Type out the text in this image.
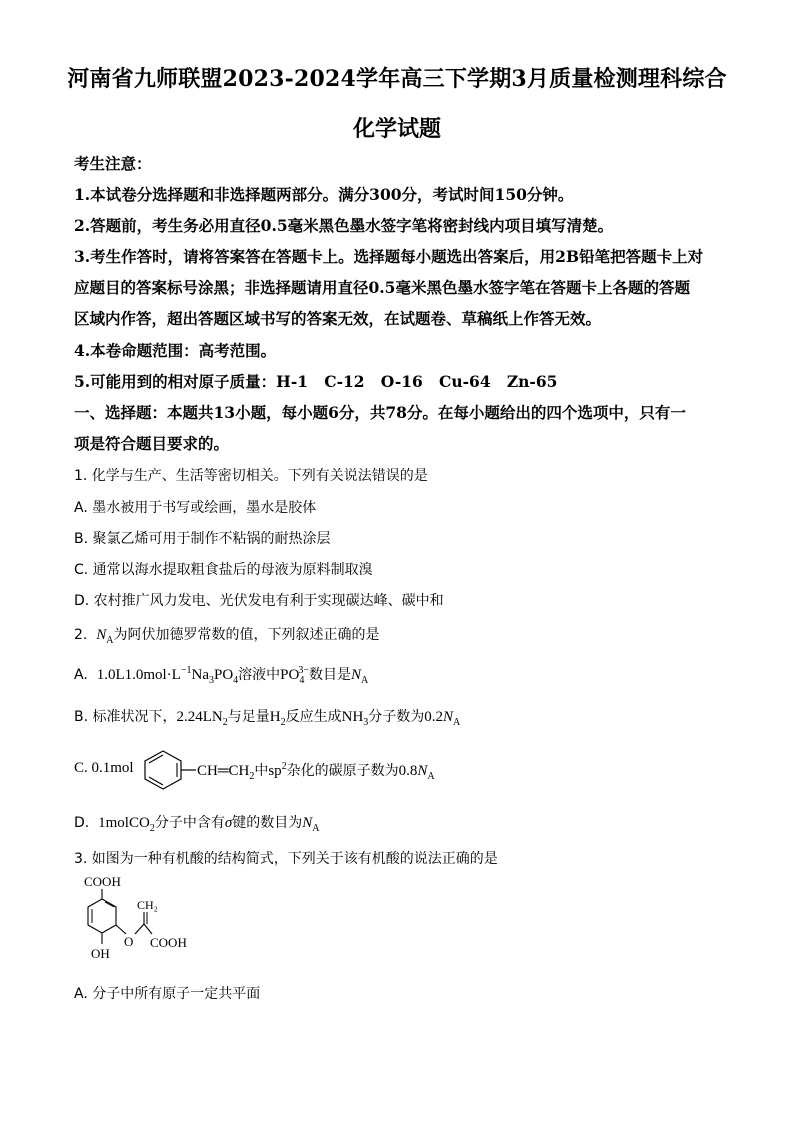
河南省九师联盟2023-2024学年高三下学期3月质量检测理科综合
化学试题
考生注意：
1.本试卷分选择题和非选择题两部分。满分300分，考试时间150分钟。
2.答题前，考生务必用直径0.5毫米黑色墨水签字笔将密封线内项目填写清楚。
3.考生作答时，请将答案答在答题卡上。选择题每小题选出答案后，用2B铅笔把答题卡上对
应题目的答案标号涂黑；非选择题请用直径0.5毫米黑色墨水签字笔在答题卡上各题的答题
区域内作答，超出答题区域书写的答案无效，在试题卷、草稿纸上作答无效。
4.本卷命题范围：高考范围。
5.可能用到的相对原子质量：H-1   C-12   O-16   Cu-64   Zn-65
一、选择题：本题共13小题，每小题6分，共78分。在每小题给出的四个选项中，只有一
项是符合题目要求的。
1. 化学与生产、生活等密切相关。下列有关说法错误的是
A. 墨水被用于书写或绘画，墨水是胶体
B. 聚氯乙烯可用于制作不粘锅的耐热涂层
C. 通常以海水提取粗食盐后的母液为原料制取溴
D. 农村推广风力发电、光伏发电有利于实现碳达峰、碳中和
2.  $N_A$为阿伏加德罗常数的值，下列叙述正确的是
A. $1.0L1.0mol\cdot L^{-1}Na_3PO_4$溶液中$PO_4^{3-}$数目是$N_A$
B. 标准状况下，$2.24LN_2$与足量$H_2$反应生成$NH_3$分子数为$0.2N_A$
C. 0.1mol	$CH═CH_2$中$sp^2$杂化的碳原子数为$0.8N_A$
D. 1molCO$_2$分子中含有σ键的数目为$N_A$
3. 如图为一种有机酸的结构简式，下列关于该有机酸的说法正确的是
COOH
OH
O
CH₂
COOH
A. 分子中所有原子一定共平面
